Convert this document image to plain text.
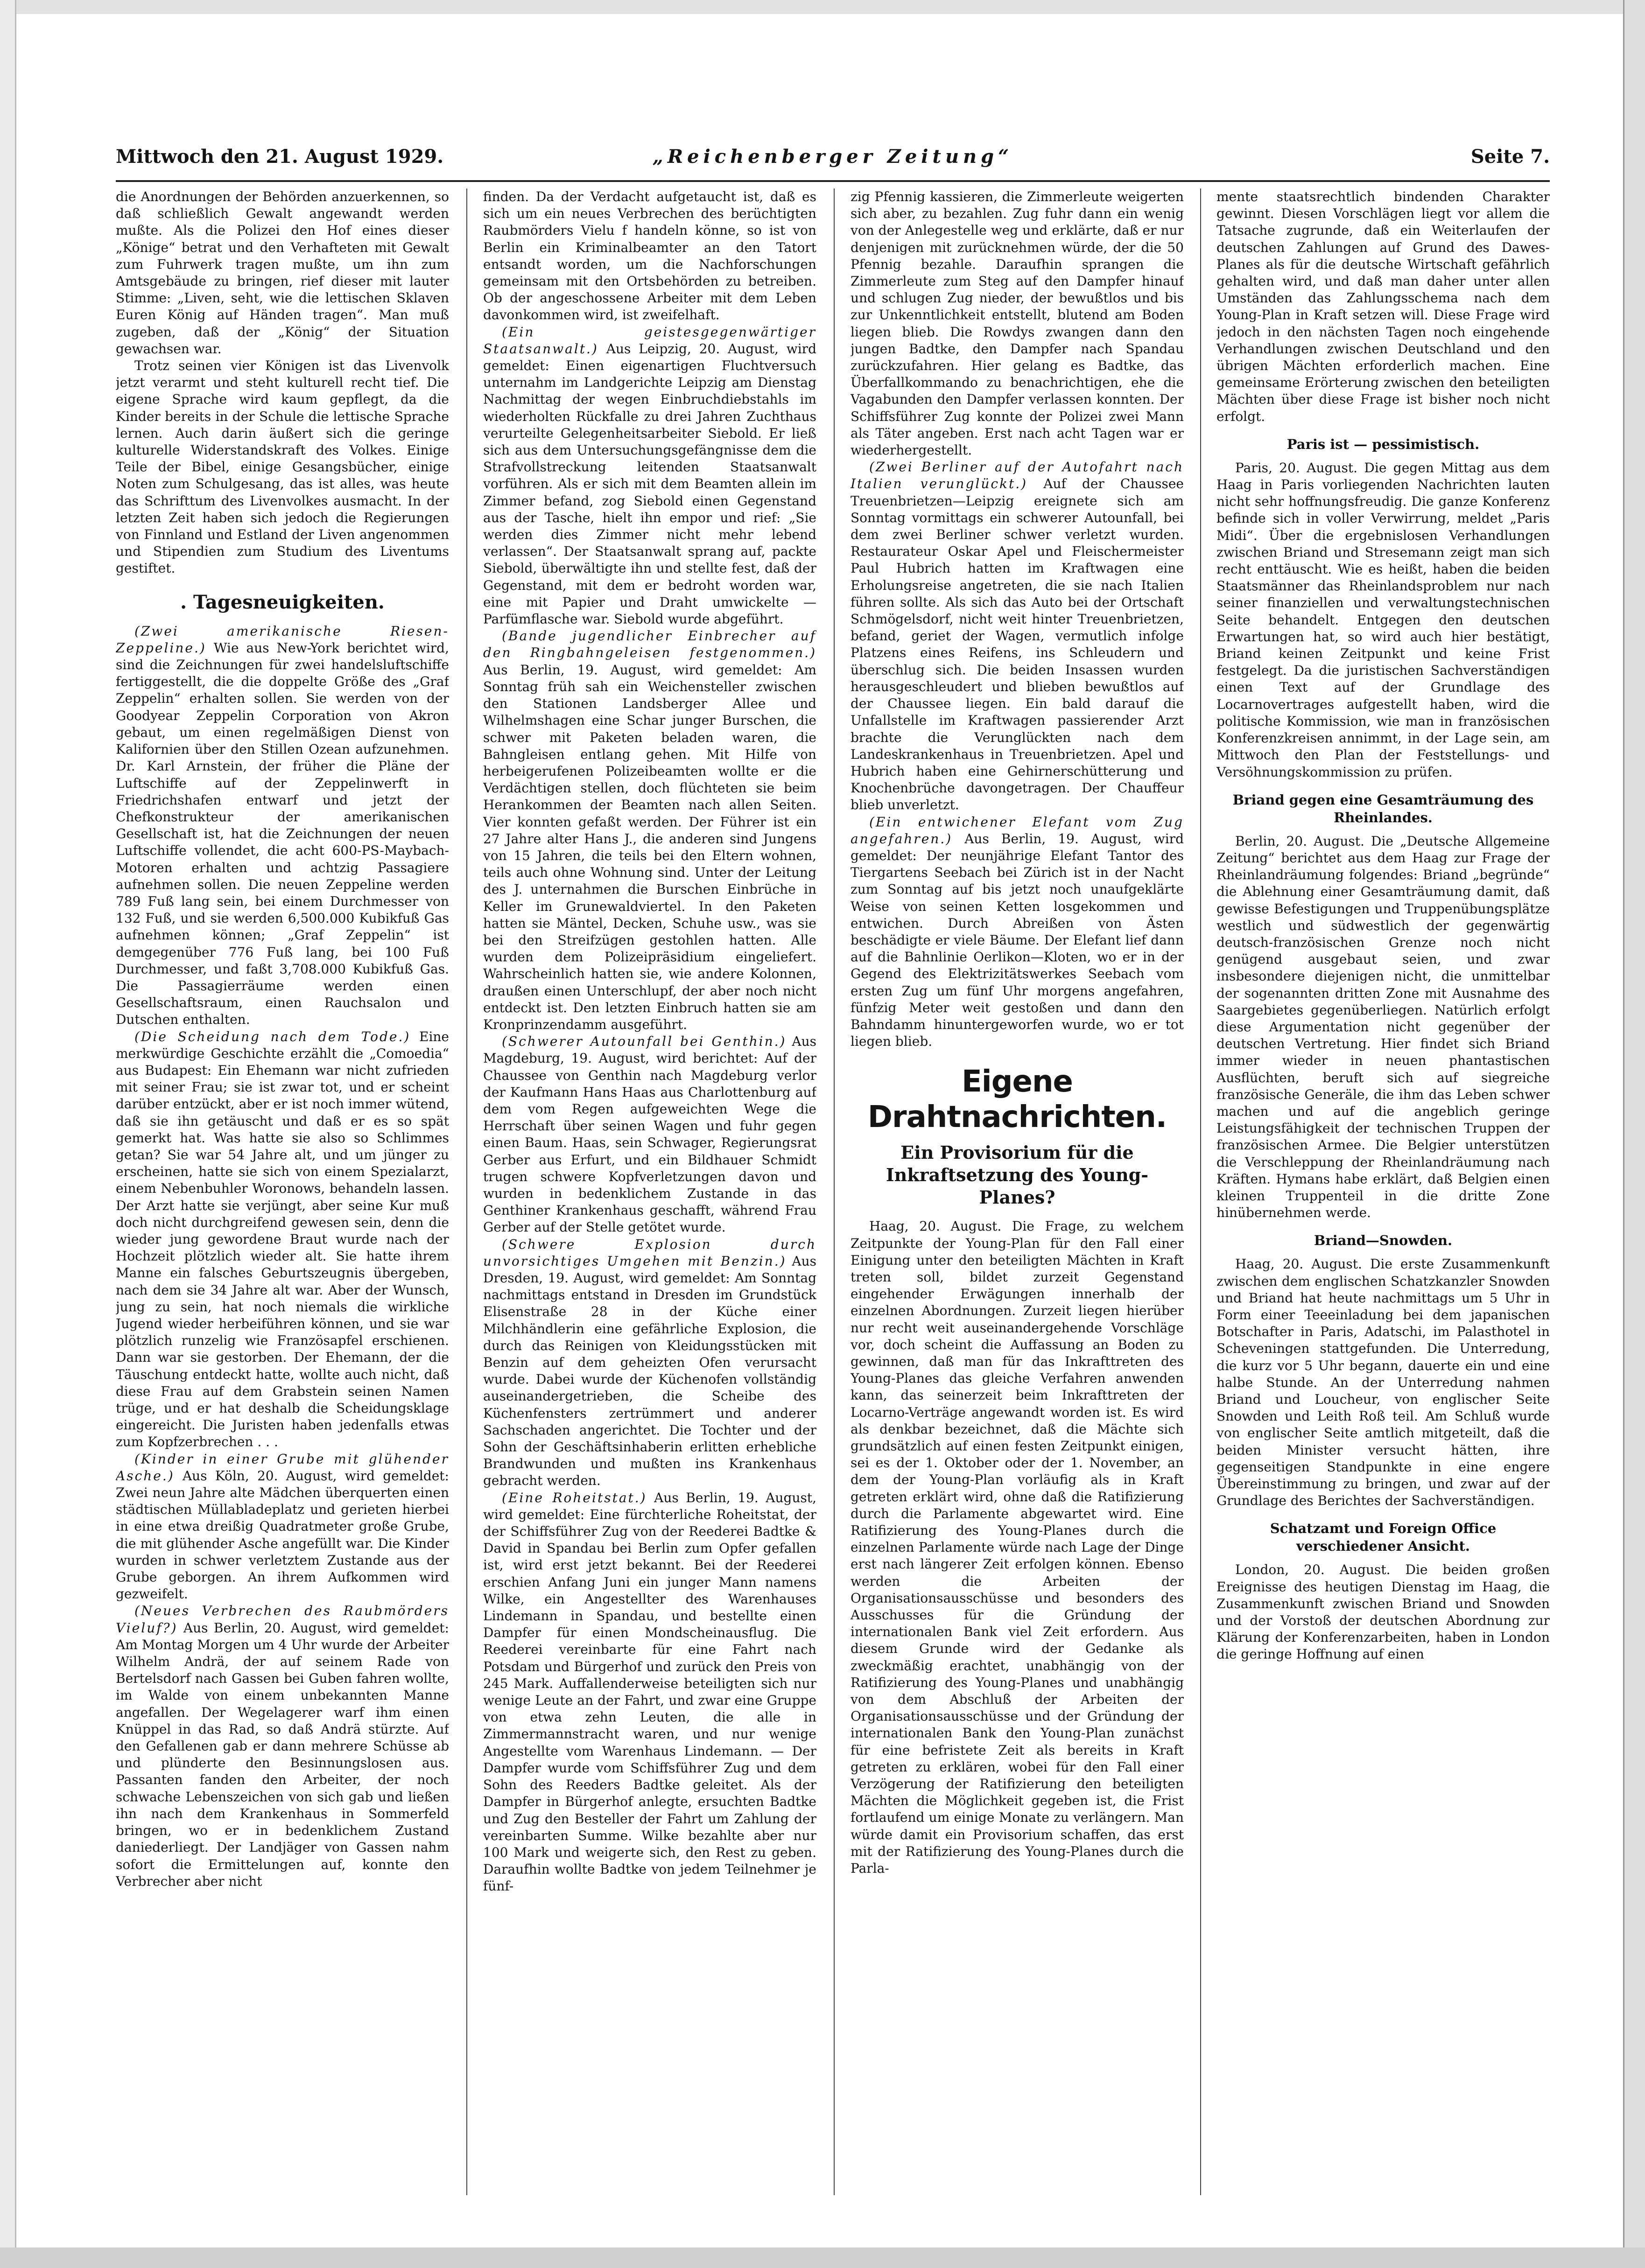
„Reichenberger Zeitung“
Mittwoch den 21. August 1929.	Seite 7.

die Anordnungen der Behörden anzuerkennen, so daß schließlich Gewalt angewandt werden mußte. Als die Polizei den Hof eines dieser „Könige“ betrat und den Verhafteten mit Gewalt zum Fuhrwerk tragen mußte, um ihn zum Amtsgebäude zu bringen, rief dieser mit lauter Stimme: „Liven, seht, wie die lettischen Sklaven Euren König auf Händen tragen“. Man muß zugeben, daß der „König“ der Situation gewachsen war.

Trotz seinen vier Königen ist das Livenvolk jetzt verarmt und steht kulturell recht tief. Die eigene Sprache wird kaum gepflegt, da die Kinder bereits in der Schule die lettische Sprache lernen. Auch darin äußert sich die geringe kulturelle Widerstandskraft des Volkes. Einige Teile der Bibel, einige Gesangsbücher, einige Noten zum Schulgesang, das ist alles, was heute das Schrifttum des Livenvolkes ausmacht. In der letzten Zeit haben sich jedoch die Regierungen von Finnland und Estland der Liven angenommen und Stipendien zum Studium des Liventums gestiftet.

. Tagesneuigkeiten.

(Zwei amerikanische Riesen-Zeppeline.) Wie aus New-York berichtet wird, sind die Zeichnungen für zwei handelsluftschiffe fertiggestellt, die die doppelte Größe des „Graf Zeppelin“ erhalten sollen. Sie werden von der Goodyear Zeppelin Corporation von Akron gebaut, um einen regelmäßigen Dienst von Kalifornien über den Stillen Ozean aufzunehmen. Dr. Karl Arnstein, der früher die Pläne der Luftschiffe auf der Zeppelinwerft in Friedrichshafen entwarf und jetzt der Chefkonstrukteur der amerikanischen Gesellschaft ist, hat die Zeichnungen der neuen Luftschiffe vollendet, die acht 600-PS-Maybach-Motoren erhalten und achtzig Passagiere aufnehmen sollen. Die neuen Zeppeline werden 789 Fuß lang sein, bei einem Durchmesser von 132 Fuß, und sie werden 6,500.000 Kubikfuß Gas aufnehmen können; „Graf Zeppelin“ ist demgegenüber 776 Fuß lang, bei 100 Fuß Durchmesser, und faßt 3,708.000 Kubikfuß Gas. Die Passagierräume werden einen Gesellschaftsraum, einen Rauchsalon und Dutschen enthalten.

(Die Scheidung nach dem Tode.) Eine merkwürdige Geschichte erzählt die „Comoedia“ aus Budapest: Ein Ehemann war nicht zufrieden mit seiner Frau; sie ist zwar tot, und er scheint darüber entzückt, aber er ist noch immer wütend, daß sie ihn getäuscht und daß er es so spät gemerkt hat. Was hatte sie also so Schlimmes getan? Sie war 54 Jahre alt, und um jünger zu erscheinen, hatte sie sich von einem Spezialarzt, einem Nebenbuhler Woronows, behandeln lassen. Der Arzt hatte sie verjüngt, aber seine Kur muß doch nicht durchgreifend gewesen sein, denn die wieder jung gewordene Braut wurde nach der Hochzeit plötzlich wieder alt. Sie hatte ihrem Manne ein falsches Geburtszeugnis übergeben, nach dem sie 34 Jahre alt war. Aber der Wunsch, jung zu sein, hat noch niemals die wirkliche Jugend wieder herbeiführen können, und sie war plötzlich runzelig wie Französapfel erschienen. Dann war sie gestorben. Der Ehemann, der die Täuschung entdeckt hatte, wollte auch nicht, daß diese Frau auf dem Grabstein seinen Namen trüge, und er hat deshalb die Scheidungsklage eingereicht. Die Juristen haben jedenfalls etwas zum Kopfzerbrechen . . .

(Kinder in einer Grube mit glühender Asche.) Aus Köln, 20. August, wird gemeldet: Zwei neun Jahre alte Mädchen überquerten einen städtischen Müllabladeplatz und gerieten hierbei in eine etwa dreißig Quadratmeter große Grube, die mit glühender Asche angefüllt war. Die Kinder wurden in schwer verletztem Zustande aus der Grube geborgen. An ihrem Aufkommen wird gezweifelt.

(Neues Verbrechen des Raubmörders Vieluf?) Aus Berlin, 20. August, wird gemeldet: Am Montag Morgen um 4 Uhr wurde der Arbeiter Wilhelm Andrä, der auf seinem Rade von Bertelsdorf nach Gassen bei Guben fahren wollte, im Walde von einem unbekannten Manne angefallen. Der Wegelagerer warf ihm einen Knüppel in das Rad, so daß Andrä stürzte. Auf den Gefallenen gab er dann mehrere Schüsse ab und plünderte den Besinnungslosen aus. Passanten fanden den Arbeiter, der noch schwache Lebenszeichen von sich gab und ließen ihn nach dem Krankenhaus in Sommerfeld bringen, wo er in bedenklichem Zustand daniederliegt. Der Landjäger von Gassen nahm sofort die Ermittelungen auf, konnte den Verbrecher aber nicht

finden. Da der Verdacht aufgetaucht ist, daß es sich um ein neues Verbrechen des berüchtigten Raubmörders Vielu f handeln könne, so ist von Berlin ein Kriminalbeamter an den Tatort entsandt worden, um die Nachforschungen gemeinsam mit den Ortsbehörden zu betreiben. Ob der angeschossene Arbeiter mit dem Leben davonkommen wird, ist zweifelhaft.

(Ein geistesgegenwärtiger Staatsanwalt.) Aus Leipzig, 20. August, wird gemeldet: Einen eigenartigen Fluchtversuch unternahm im Landgerichte Leipzig am Dienstag Nachmittag der wegen Einbruchdiebstahls im wiederholten Rückfalle zu drei Jahren Zuchthaus verurteilte Gelegenheitsarbeiter Siebold. Er ließ sich aus dem Untersuchungsgefängnisse dem die Strafvollstreckung leitenden Staatsanwalt vorführen. Als er sich mit dem Beamten allein im Zimmer befand, zog Siebold einen Gegenstand aus der Tasche, hielt ihn empor und rief: „Sie werden dies Zimmer nicht mehr lebend verlassen“. Der Staatsanwalt sprang auf, packte Siebold, überwältigte ihn und stellte fest, daß der Gegenstand, mit dem er bedroht worden war, eine mit Papier und Draht umwickelte — Parfümflasche war. Siebold wurde abgeführt.

(Bande jugendlicher Einbrecher auf den Ringbahngeleisen festgenommen.) Aus Berlin, 19. August, wird gemeldet: Am Sonntag früh sah ein Weichensteller zwischen den Stationen Landsberger Allee und Wilhelmshagen eine Schar junger Burschen, die schwer mit Paketen beladen waren, die Bahngleisen entlang gehen. Mit Hilfe von herbeigerufenen Polizeibeamten wollte er die Verdächtigen stellen, doch flüchteten sie beim Herankommen der Beamten nach allen Seiten. Vier konnten gefaßt werden. Der Führer ist ein 27 Jahre alter Hans J., die anderen sind Jungens von 15 Jahren, die teils bei den Eltern wohnen, teils auch ohne Wohnung sind. Unter der Leitung des J. unternahmen die Burschen Einbrüche in Keller im Grunewaldviertel. In den Paketen hatten sie Mäntel, Decken, Schuhe usw., was sie bei den Streifzügen gestohlen hatten. Alle wurden dem Polizeipräsidium eingeliefert. Wahrscheinlich hatten sie, wie andere Kolonnen, draußen einen Unterschlupf, der aber noch nicht entdeckt ist. Den letzten Einbruch hatten sie am Kronprinzendamm ausgeführt.

(Schwerer Autounfall bei Genthin.) Aus Magdeburg, 19. August, wird berichtet: Auf der Chaussee von Genthin nach Magdeburg verlor der Kaufmann Hans Haas aus Charlottenburg auf dem vom Regen aufgeweichten Wege die Herrschaft über seinen Wagen und fuhr gegen einen Baum. Haas, sein Schwager, Regierungsrat Gerber aus Erfurt, und ein Bildhauer Schmidt trugen schwere Kopfverletzungen davon und wurden in bedenklichem Zustande in das Genthiner Krankenhaus geschafft, während Frau Gerber auf der Stelle getötet wurde.

(Schwere Explosion durch unvorsichtiges Umgehen mit Benzin.) Aus Dresden, 19. August, wird gemeldet: Am Sonntag nachmittags entstand in Dresden im Grundstück Elisenstraße 28 in der Küche einer Milchhändlerin eine gefährliche Explosion, die durch das Reinigen von Kleidungsstücken mit Benzin auf dem geheizten Ofen verursacht wurde. Dabei wurde der Küchenofen vollständig auseinandergetrieben, die Scheibe des Küchenfensters zertrümmert und anderer Sachschaden angerichtet. Die Tochter und der Sohn der Geschäftsinhaberin erlitten erhebliche Brandwunden und mußten ins Krankenhaus gebracht werden.

(Eine Roheitstat.) Aus Berlin, 19. August, wird gemeldet: Eine fürchterliche Roheitstat, der der Schiffsführer Zug von der Reederei Badtke & David in Spandau bei Berlin zum Opfer gefallen ist, wird erst jetzt bekannt. Bei der Reederei erschien Anfang Juni ein junger Mann namens Wilke, ein Angestellter des Warenhauses Lindemann in Spandau, und bestellte einen Dampfer für einen Mondscheinausflug. Die Reederei vereinbarte für eine Fahrt nach Potsdam und Bürgerhof und zurück den Preis von 245 Mark. Auffallenderweise beteiligten sich nur wenige Leute an der Fahrt, und zwar eine Gruppe von etwa zehn Leuten, die alle in Zimmermannstracht waren, und nur wenige Angestellte vom Warenhaus Lindemann. — Der Dampfer wurde vom Schiffsführer Zug und dem Sohn des Reeders Badtke geleitet. Als der Dampfer in Bürgerhof anlegte, ersuchten Badtke und Zug den Besteller der Fahrt um Zahlung der vereinbarten Summe. Wilke bezahlte aber nur 100 Mark und weigerte sich, den Rest zu geben. Daraufhin wollte Badtke von jedem Teilnehmer je fünf-

zig Pfennig kassieren, die Zimmerleute weigerten sich aber, zu bezahlen. Zug fuhr dann ein wenig von der Anlegestelle weg und erklärte, daß er nur denjenigen mit zurücknehmen würde, der die 50 Pfennig bezahle. Daraufhin sprangen die Zimmerleute zum Steg auf den Dampfer hinauf und schlugen Zug nieder, der bewußtlos und bis zur Unkenntlichkeit entstellt, blutend am Boden liegen blieb. Die Rowdys zwangen dann den jungen Badtke, den Dampfer nach Spandau zurückzufahren. Hier gelang es Badtke, das Überfallkommando zu benachrichtigen, ehe die Vagabunden den Dampfer verlassen konnten. Der Schiffsführer Zug konnte der Polizei zwei Mann als Täter angeben. Erst nach acht Tagen war er wiederhergestellt.

(Zwei Berliner auf der Autofahrt nach Italien verunglückt.) Auf der Chaussee Treuenbrietzen—Leipzig ereignete sich am Sonntag vormittags ein schwerer Autounfall, bei dem zwei Berliner schwer verletzt wurden. Restaurateur Oskar Apel und Fleischermeister Paul Hubrich hatten im Kraftwagen eine Erholungsreise angetreten, die sie nach Italien führen sollte. Als sich das Auto bei der Ortschaft Schmögelsdorf, nicht weit hinter Treuenbrietzen, befand, geriet der Wagen, vermutlich infolge Platzens eines Reifens, ins Schleudern und überschlug sich. Die beiden Insassen wurden herausgeschleudert und blieben bewußtlos auf der Chaussee liegen. Ein bald darauf die Unfallstelle im Kraftwagen passierender Arzt brachte die Verunglückten nach dem Landeskrankenhaus in Treuenbrietzen. Apel und Hubrich haben eine Gehirnerschütterung und Knochenbrüche davongetragen. Der Chauffeur blieb unverletzt.

(Ein entwichener Elefant vom Zug angefahren.) Aus Berlin, 19. August, wird gemeldet: Der neunjährige Elefant Tantor des Tiergartens Seebach bei Zürich ist in der Nacht zum Sonntag auf bis jetzt noch unaufgeklärte Weise von seinen Ketten losgekommen und entwichen. Durch Abreißen von Ästen beschädigte er viele Bäume. Der Elefant lief dann auf die Bahnlinie Oerlikon—Kloten, wo er in der Gegend des Elektrizitätswerkes Seebach vom ersten Zug um fünf Uhr morgens angefahren, fünfzig Meter weit gestoßen und dann den Bahndamm hinuntergeworfen wurde, wo er tot liegen blieb.

Eigene Drahtnachrichten.
Ein Provisorium für die Inkraftsetzung des Young-Planes?

Haag, 20. August. Die Frage, zu welchem Zeitpunkte der Young-Plan für den Fall einer Einigung unter den beteiligten Mächten in Kraft treten soll, bildet zurzeit Gegenstand eingehender Erwägungen innerhalb der einzelnen Abordnungen. Zurzeit liegen hierüber nur recht weit auseinandergehende Vorschläge vor, doch scheint die Auffassung an Boden zu gewinnen, daß man für das Inkrafttreten des Young-Planes das gleiche Verfahren anwenden kann, das seinerzeit beim Inkrafttreten der Locarno-Verträge angewandt worden ist. Es wird als denkbar bezeichnet, daß die Mächte sich grundsätzlich auf einen festen Zeitpunkt einigen, sei es der 1. Oktober oder der 1. November, an dem der Young-Plan vorläufig als in Kraft getreten erklärt wird, ohne daß die Ratifizierung durch die Parlamente abgewartet wird. Eine Ratifizierung des Young-Planes durch die einzelnen Parlamente würde nach Lage der Dinge erst nach längerer Zeit erfolgen können. Ebenso werden die Arbeiten der Organisationsausschüsse und besonders des Ausschusses für die Gründung der internationalen Bank viel Zeit erfordern. Aus diesem Grunde wird der Gedanke als zweckmäßig erachtet, unabhängig von der Ratifizierung des Young-Planes und unabhängig von dem Abschluß der Arbeiten der Organisationsausschüsse und der Gründung der internationalen Bank den Young-Plan zunächst für eine befristete Zeit als bereits in Kraft getreten zu erklären, wobei für den Fall einer Verzögerung der Ratifizierung den beteiligten Mächten die Möglichkeit gegeben ist, die Frist fortlaufend um einige Monate zu verlängern. Man würde damit ein Provisorium schaffen, das erst mit der Ratifizierung des Young-Planes durch die Parla-

mente staatsrechtlich bindenden Charakter gewinnt. Diesen Vorschlägen liegt vor allem die Tatsache zugrunde, daß ein Weiterlaufen der deutschen Zahlungen auf Grund des Dawes-Planes als für die deutsche Wirtschaft gefährlich gehalten wird, und daß man daher unter allen Umständen das Zahlungsschema nach dem Young-Plan in Kraft setzen will. Diese Frage wird jedoch in den nächsten Tagen noch eingehende Verhandlungen zwischen Deutschland und den übrigen Mächten erforderlich machen. Eine gemeinsame Erörterung zwischen den beteiligten Mächten über diese Frage ist bisher noch nicht erfolgt.

Paris ist — pessimistisch.

Paris, 20. August. Die gegen Mittag aus dem Haag in Paris vorliegenden Nachrichten lauten nicht sehr hoffnungsfreudig. Die ganze Konferenz befinde sich in voller Verwirrung, meldet „Paris Midi“. Über die ergebnislosen Verhandlungen zwischen Briand und Stresemann zeigt man sich recht enttäuscht. Wie es heißt, haben die beiden Staatsmänner das Rheinlandsproblem nur nach seiner finanziellen und verwaltungstechnischen Seite behandelt. Entgegen den deutschen Erwartungen hat, so wird auch hier bestätigt, Briand keinen Zeitpunkt und keine Frist festgelegt. Da die juristischen Sachverständigen einen Text auf der Grundlage des Locarnovertrages aufgestellt haben, wird die politische Kommission, wie man in französischen Konferenzkreisen annimmt, in der Lage sein, am Mittwoch den Plan der Feststellungs- und Versöhnungskommission zu prüfen.

Briand gegen eine Gesamträumung des Rheinlandes.

Berlin, 20. August. Die „Deutsche Allgemeine Zeitung“ berichtet aus dem Haag zur Frage der Rheinlandräumung folgendes: Briand „begründe“ die Ablehnung einer Gesamträumung damit, daß gewisse Befestigungen und Truppenübungsplätze westlich und südwestlich der gegenwärtig deutsch-französischen Grenze noch nicht genügend ausgebaut seien, und zwar insbesondere diejenigen nicht, die unmittelbar der sogenannten dritten Zone mit Ausnahme des Saargebietes gegenüberliegen. Natürlich erfolgt diese Argumentation nicht gegenüber der deutschen Vertretung. Hier findet sich Briand immer wieder in neuen phantastischen Ausflüchten, beruft sich auf siegreiche französische Generäle, die ihm das Leben schwer machen und auf die angeblich geringe Leistungsfähigkeit der technischen Truppen der französischen Armee. Die Belgier unterstützen die Verschleppung der Rheinlandräumung nach Kräften. Hymans habe erklärt, daß Belgien einen kleinen Truppenteil in die dritte Zone hinübernehmen werde.

Briand—Snowden.

Haag, 20. August. Die erste Zusammenkunft zwischen dem englischen Schatzkanzler Snowden und Briand hat heute nachmittags um 5 Uhr in Form einer Teeeinladung bei dem japanischen Botschafter in Paris, Adatschi, im Palasthotel in Scheveningen stattgefunden. Die Unterredung, die kurz vor 5 Uhr begann, dauerte ein und eine halbe Stunde. An der Unterredung nahmen Briand und Loucheur, von englischer Seite Snowden und Leith Roß teil. Am Schluß wurde von englischer Seite amtlich mitgeteilt, daß die beiden Minister versucht hätten, ihre gegenseitigen Standpunkte in eine engere Übereinstimmung zu bringen, und zwar auf der Grundlage des Berichtes der Sachverständigen.

Schatzamt und Foreign Office verschiedener Ansicht.

London, 20. August. Die beiden großen Ereignisse des heutigen Dienstag im Haag, die Zusammenkunft zwischen Briand und Snowden und der Vorstoß der deutschen Abordnung zur Klärung der Konferenzarbeiten, haben in London die geringe Hoffnung auf einen
